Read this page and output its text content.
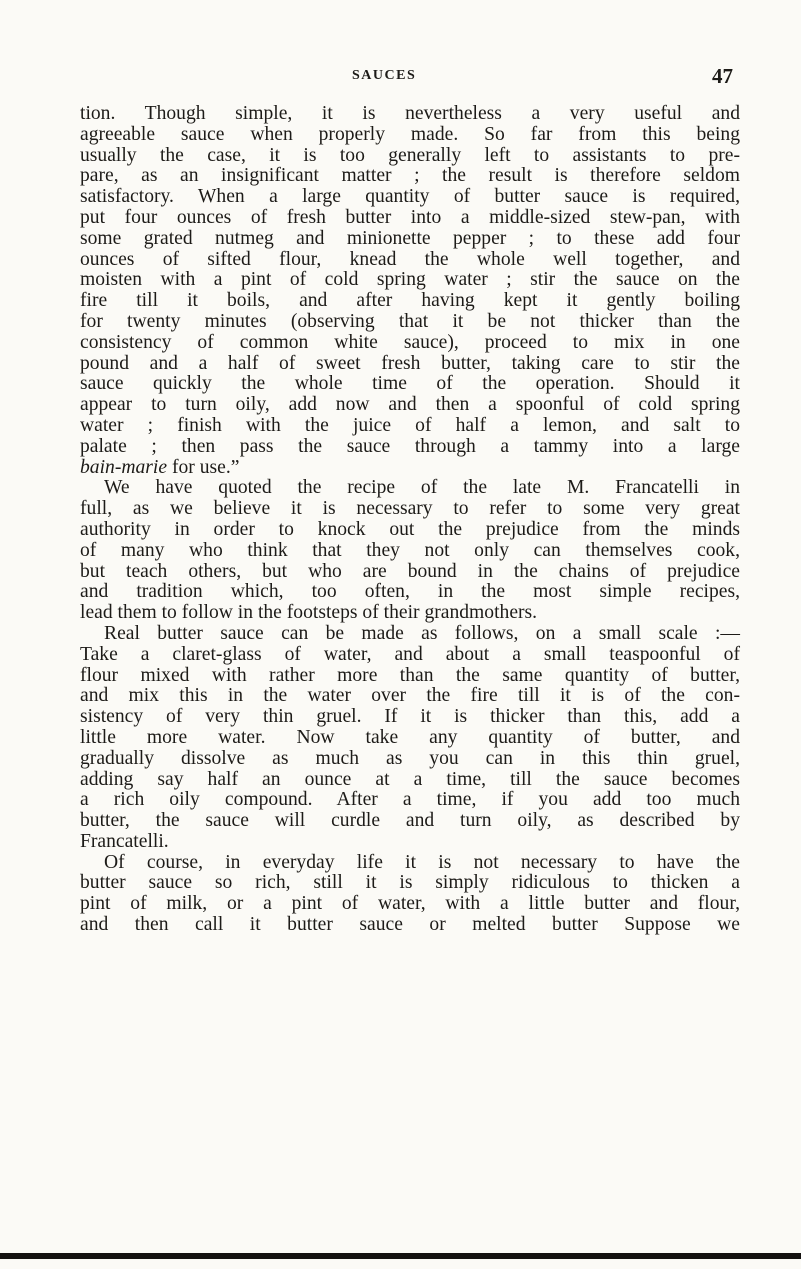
SAUCES	47
tion. Though simple, it is nevertheless a very useful and
agreeable sauce when properly made. So far from this being
usually the case, it is too generally left to assistants to pre-
pare, as an insignificant matter ; the result is therefore seldom
satisfactory. When a large quantity of butter sauce is required,
put four ounces of fresh butter into a middle-sized stew-pan, with
some grated nutmeg and minionette pepper ; to these add four
ounces of sifted flour, knead the whole well together, and
moisten with a pint of cold spring water ; stir the sauce on the
fire till it boils, and after having kept it gently boiling
for twenty minutes (observing that it be not thicker than the
consistency of common white sauce), proceed to mix in one
pound and a half of sweet fresh butter, taking care to stir the
sauce quickly the whole time of the operation. Should it
appear to turn oily, add now and then a spoonful of cold spring
water ; finish with the juice of half a lemon, and salt to
palate ; then pass the sauce through a tammy into a large
bain-marie for use.”
We have quoted the recipe of the late M. Francatelli in
full, as we believe it is necessary to refer to some very great
authority in order to knock out the prejudice from the minds
of many who think that they not only can themselves cook,
but teach others, but who are bound in the chains of prejudice
and tradition which, too often, in the most simple recipes,
lead them to follow in the footsteps of their grandmothers.
Real butter sauce can be made as follows, on a small scale :—
Take a claret-glass of water, and about a small teaspoonful of
flour mixed with rather more than the same quantity of butter,
and mix this in the water over the fire till it is of the con-
sistency of very thin gruel. If it is thicker than this, add a
little more water. Now take any quantity of butter, and
gradually dissolve as much as you can in this thin gruel,
adding say half an ounce at a time, till the sauce becomes
a rich oily compound. After a time, if you add too much
butter, the sauce will curdle and turn oily, as described by
Francatelli.
Of course, in everyday life it is not necessary to have the
butter sauce so rich, still it is simply ridiculous to thicken a
pint of milk, or a pint of water, with a little butter and flour,
and then call it butter sauce or melted butter Suppose we
